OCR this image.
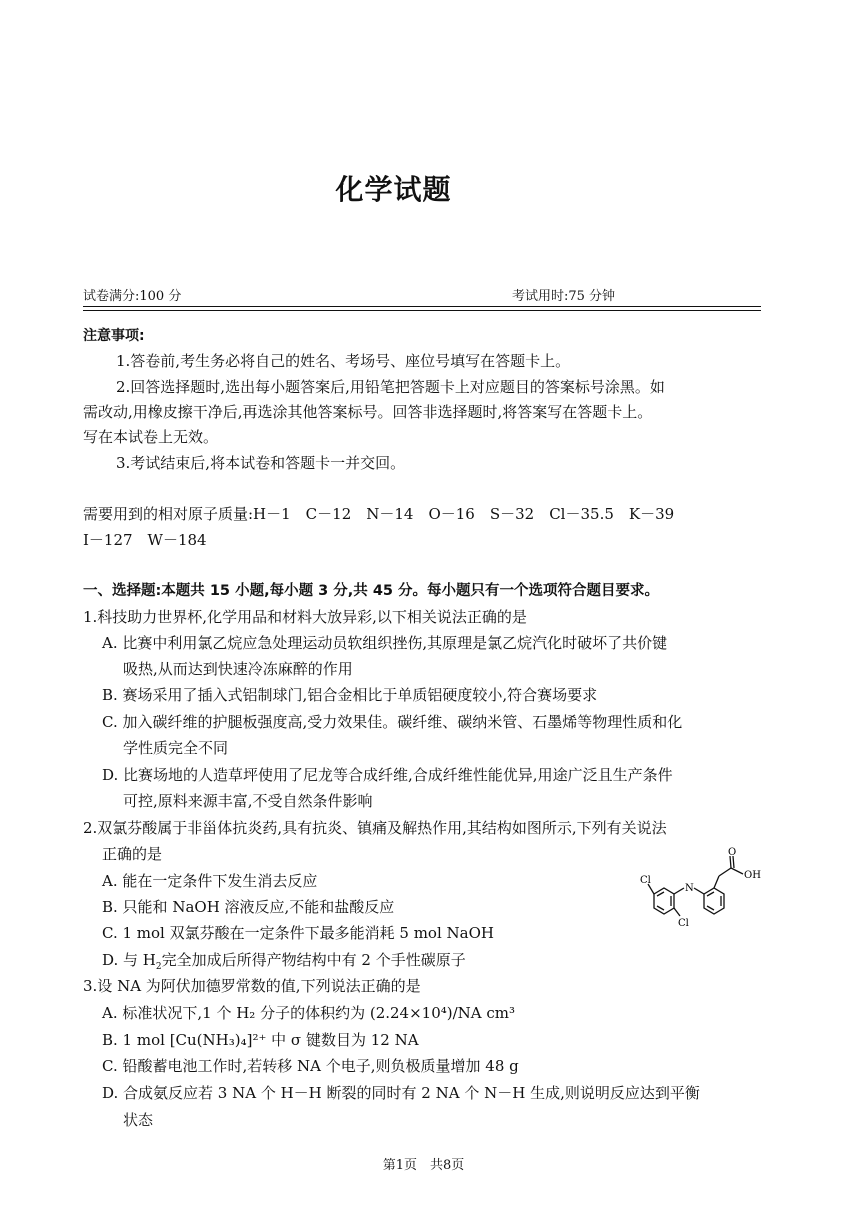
化学试题
试卷满分:100 分	考试用时:75 分钟
注意事项:
1.答卷前,考生务必将自己的姓名、考场号、座位号填写在答题卡上。
2.回答选择题时,选出每小题答案后,用铅笔把答题卡上对应题目的答案标号涂黑。如
需改动,用橡皮擦干净后,再选涂其他答案标号。回答非选择题时,将答案写在答题卡上。
写在本试卷上无效。
3.考试结束后,将本试卷和答题卡一并交回。
需要用到的相对原子质量:H－1　C－12　N－14　O－16　S－32　Cl－35.5　K－39
I－127　W－184
一、选择题:本题共 15 小题,每小题 3 分,共 45 分。每小题只有一个选项符合题目要求。
1.科技助力世界杯,化学用品和材料大放异彩,以下相关说法正确的是
A. 比赛中利用氯乙烷应急处理运动员软组织挫伤,其原理是氯乙烷汽化时破坏了共价键
吸热,从而达到快速冷冻麻醉的作用
B. 赛场采用了插入式铝制球门,铝合金相比于单质铝硬度较小,符合赛场要求
C. 加入碳纤维的护腿板强度高,受力效果佳。碳纤维、碳纳米管、石墨烯等物理性质和化
学性质完全不同
D. 比赛场地的人造草坪使用了尼龙等合成纤维,合成纤维性能优异,用途广泛且生产条件
可控,原料来源丰富,不受自然条件影响
2.双氯芬酸属于非甾体抗炎药,具有抗炎、镇痛及解热作用,其结构如图所示,下列有关说法
正确的是
A. 能在一定条件下发生消去反应
B. 只能和 NaOH 溶液反应,不能和盐酸反应
C. 1 mol 双氯芬酸在一定条件下最多能消耗 5 mol NaOH
D. 与 $H_2$完全加成后所得产物结构中有 2 个手性碳原子
O
OH
Cl
Cl
N
3.设 NA 为阿伏加德罗常数的值,下列说法正确的是
A. 标准状况下,1 个 H₂ 分子的体积约为 (2.24×10⁴)/NA cm³
B. 1 mol [Cu(NH₃)₄]²⁺ 中 σ 键数目为 12 NA
C. 铅酸蓄电池工作时,若转移 NA 个电子,则负极质量增加 48 g
D. 合成氨反应若 3 NA 个 H－H 断裂的同时有 2 NA 个 N－H 生成,则说明反应达到平衡
状态
第1页　共8页
